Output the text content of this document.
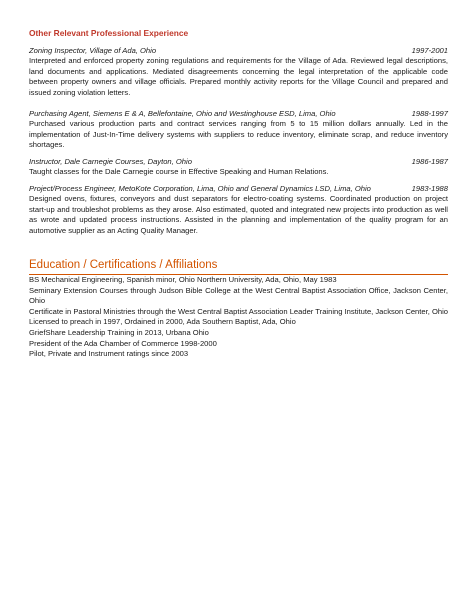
Other Relevant Professional Experience
Zoning Inspector, Village of Ada, Ohio	1997-2001
Interpreted and enforced property zoning regulations and requirements for the Village of Ada. Reviewed legal descriptions, land documents and applications. Mediated disagreements concerning the legal interpretation of the applicable code between property owners and village officials. Prepared monthly activity reports for the Village Council and prepared and issued zoning violation letters.
Purchasing Agent, Siemens E & A, Bellefontaine, Ohio and Westinghouse ESD, Lima, Ohio	1988-1997
Purchased various production parts and contract services ranging from 5 to 15 million dollars annually. Led in the implementation of Just-In-Time delivery systems with suppliers to reduce inventory, eliminate scrap, and reduce inventory shortages.
Instructor, Dale Carnegie Courses, Dayton, Ohio	1986-1987
Taught classes for the Dale Carnegie course in Effective Speaking and Human Relations.
Project/Process Engineer, MetoKote Corporation, Lima, Ohio and General Dynamics LSD, Lima, Ohio	1983-1988
Designed ovens, fixtures, conveyors and dust separators for electro-coating systems. Coordinated production on project start-up and troubleshot problems as they arose. Also estimated, quoted and integrated new projects into production as well as wrote and updated process instructions. Assisted in the planning and implementation of the quality program for an automotive supplier as an Acting Quality Manager.
Education / Certifications / Affiliations
BS Mechanical Engineering, Spanish minor, Ohio Northern University, Ada, Ohio, May 1983
Seminary Extension Courses through Judson Bible College at the West Central Baptist Association Office, Jackson Center, Ohio
Certificate in Pastoral Ministries through the West Central Baptist Association Leader Training Institute, Jackson Center, Ohio
Licensed to preach in 1997, Ordained in 2000, Ada Southern Baptist, Ada, Ohio
GriefShare Leadership Training in 2013, Urbana Ohio
President of the Ada Chamber of Commerce 1998-2000
Pilot, Private and Instrument ratings since 2003
